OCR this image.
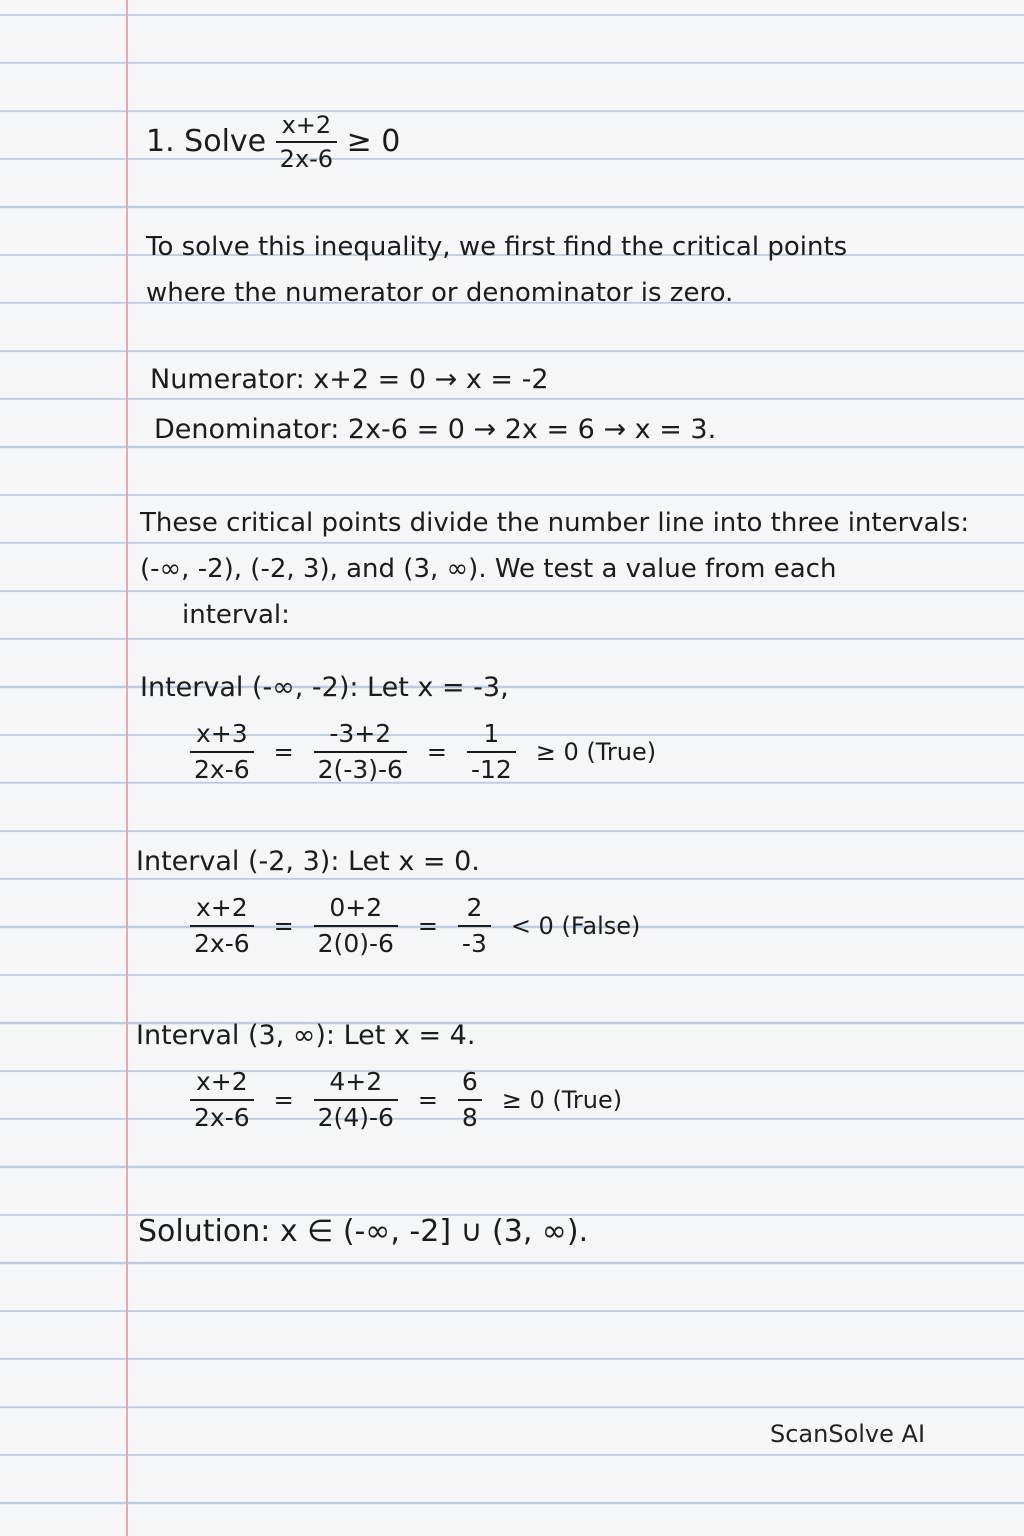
1. Solve $\frac{x+2}{2x-6} \ge 0$
To solve this inequality, we first find the critical points
where the numerator or denominator is zero.
Numerator: x+2 = 0 → x = -2
Denominator: 2x-6 = 0 → 2x = 6 → x = 3.
These critical points divide the number line into three intervals:
(-∞, -2), (-2, 3), and (3, ∞). We test a value from each
interval:
Interval (-∞, -2): Let x = -3,
$\frac{x+3}{2x-6} = \frac{-3+2}{2(-3)-6} = \frac{1}{-12} \ge 0$ (True)
Interval (-2, 3): Let x = 0.
$\frac{x+2}{2x-6} = \frac{0+2}{2(0)-6} = \frac{2}{-3} < 0$ (False)
Interval (3, ∞): Let x = 4.
$\frac{x+2}{2x-6} = \frac{4+2}{2(4)-6} = \frac{6}{8} \ge 0$ (True)
Solution: x ∈ (-∞, -2] ∪ (3, ∞).
ScanSolve AI
